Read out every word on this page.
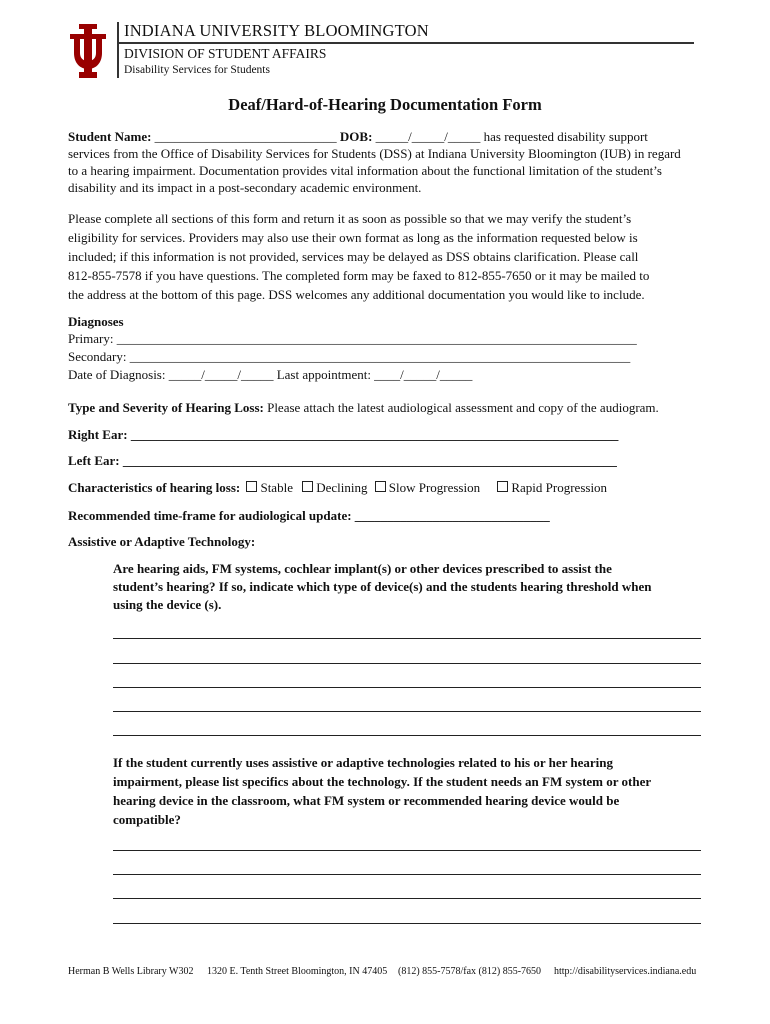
INDIANA UNIVERSITY BLOOMINGTON
DIVISION OF STUDENT AFFAIRS
Disability Services for Students
Deaf/Hard-of-Hearing Documentation Form
Student Name: ____________________________ DOB: _____/_____/_____ has requested disability support
services from the Office of Disability Services for Students (DSS) at Indiana University Bloomington (IUB) in regard
to a hearing impairment. Documentation provides vital information about the functional limitation of the student’s
disability and its impact in a post-secondary academic environment.
Please complete all sections of this form and return it as soon as possible so that we may verify the student’s
eligibility for services. Providers may also use their own format as long as the information requested below is
included; if this information is not provided, services may be delayed as DSS obtains clarification. Please call
812-855-7578 if you have questions. The completed form may be faxed to 812-855-7650 or it may be mailed to
the address at the bottom of this page. DSS welcomes any additional documentation you would like to include.
Diagnoses
Primary: ________________________________________________________________________________
Secondary: _____________________________________________________________________________
Date of Diagnosis: _____/_____/_____ Last appointment: ____/_____/_____
Type and Severity of Hearing Loss: Please attach the latest audiological assessment and copy of the audiogram.
Right Ear: ___________________________________________________________________________
Left Ear: ____________________________________________________________________________
Characteristics of hearing loss: Stable Declining Slow Progression Rapid Progression
Recommended time-frame for audiological update: ______________________________
Assistive or Adaptive Technology:
Are hearing aids, FM systems, cochlear implant(s) or other devices prescribed to assist the
student’s hearing? If so, indicate which type of device(s) and the students hearing threshold when
using the device (s).
If the student currently uses assistive or adaptive technologies related to his or her hearing
impairment, please list specifics about the technology. If the student needs an FM system or other
hearing device in the classroom, what FM system or recommended hearing device would be
compatible?
Herman B Wells Library W302 1320 E. Tenth Street Bloomington, IN 47405 (812) 855-7578/fax (812) 855-7650 http://disabilityservices.indiana.edu
